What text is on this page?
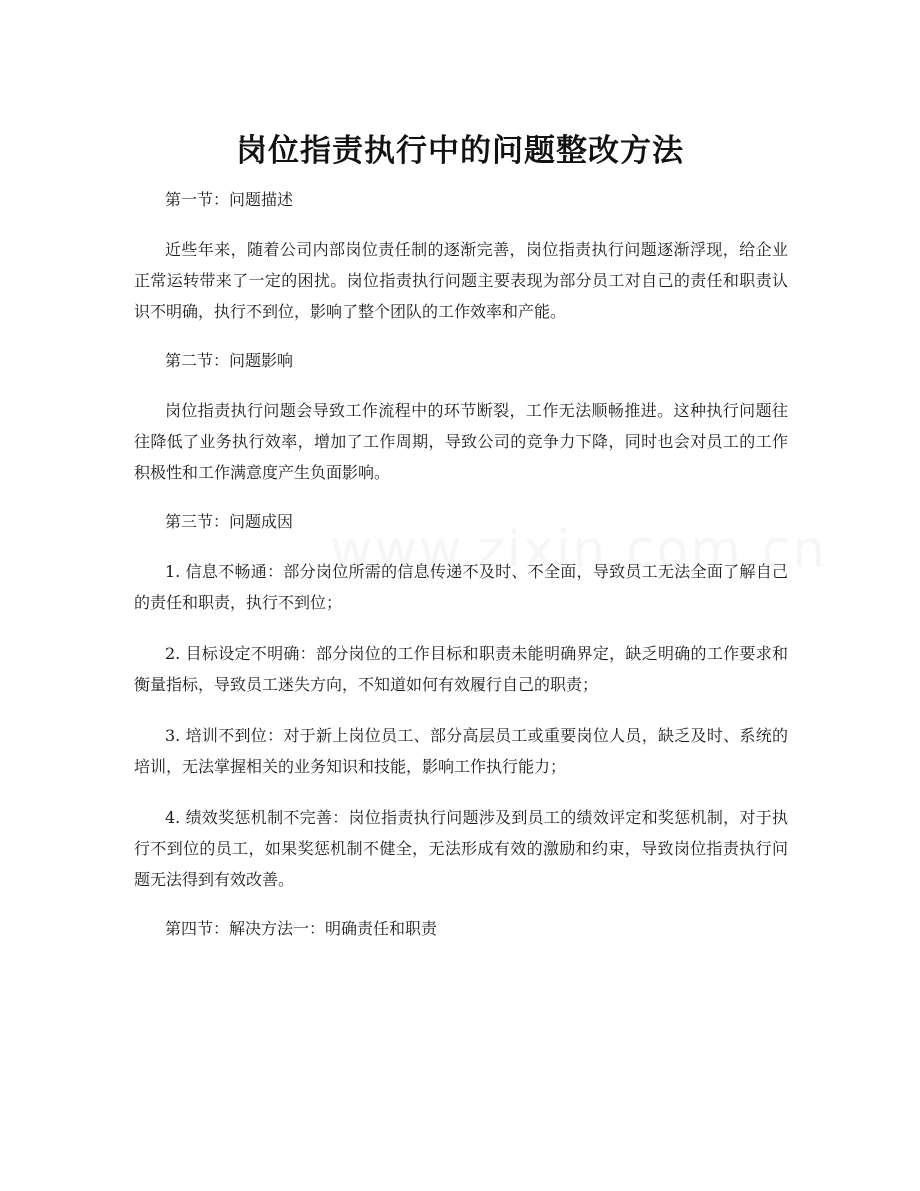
岗位指责执行中的问题整改方法

第一节：问题描述

近些年来，随着公司内部岗位责任制的逐渐完善，岗位指责执行问题逐渐浮现，给企业正常运转带来了一定的困扰。岗位指责执行问题主要表现为部分员工对自己的责任和职责认识不明确，执行不到位，影响了整个团队的工作效率和产能。

第二节：问题影响

岗位指责执行问题会导致工作流程中的环节断裂，工作无法顺畅推进。这种执行问题往往降低了业务执行效率，增加了工作周期，导致公司的竞争力下降，同时也会对员工的工作积极性和工作满意度产生负面影响。

第三节：问题成因

1. 信息不畅通：部分岗位所需的信息传递不及时、不全面，导致员工无法全面了解自己的责任和职责，执行不到位；

2. 目标设定不明确：部分岗位的工作目标和职责未能明确界定，缺乏明确的工作要求和衡量指标，导致员工迷失方向，不知道如何有效履行自己的职责；

3. 培训不到位：对于新上岗位员工、部分高层员工或重要岗位人员，缺乏及时、系统的培训，无法掌握相关的业务知识和技能，影响工作执行能力；

4. 绩效奖惩机制不完善：岗位指责执行问题涉及到员工的绩效评定和奖惩机制，对于执行不到位的员工，如果奖惩机制不健全，无法形成有效的激励和约束，导致岗位指责执行问题无法得到有效改善。

第四节：解决方法一：明确责任和职责
